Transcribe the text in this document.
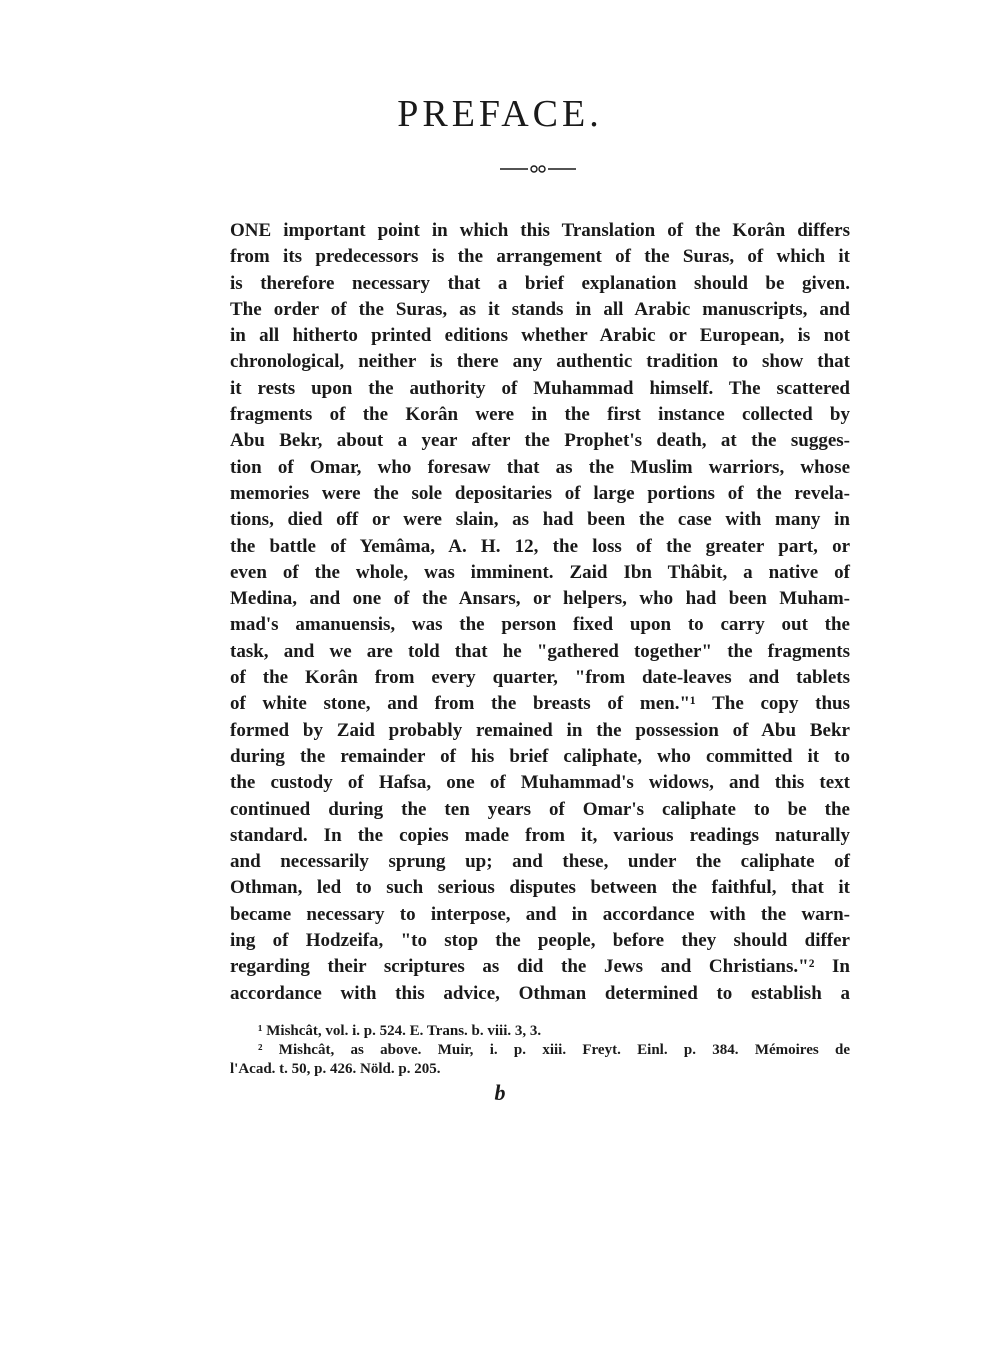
PREFACE.
ONE important point in which this Translation of the Korân differs
from its predecessors is the arrangement of the Suras, of which it
is therefore necessary that a brief explanation should be given.
The order of the Suras, as it stands in all Arabic manuscripts, and
in all hitherto printed editions whether Arabic or European, is not
chronological, neither is there any authentic tradition to show that
it rests upon the authority of Muhammad himself. The scattered
fragments of the Korân were in the first instance collected by
Abu Bekr, about a year after the Prophet's death, at the sugges-
tion of Omar, who foresaw that as the Muslim warriors, whose
memories were the sole depositaries of large portions of the revela-
tions, died off or were slain, as had been the case with many in
the battle of Yemâma, A. H. 12, the loss of the greater part, or
even of the whole, was imminent. Zaid Ibn Thâbit, a native of
Medina, and one of the Ansars, or helpers, who had been Muham-
mad's amanuensis, was the person fixed upon to carry out the
task, and we are told that he "gathered together" the fragments
of the Korân from every quarter, "from date-leaves and tablets
of white stone, and from the breasts of men."¹ The copy thus
formed by Zaid probably remained in the possession of Abu Bekr
during the remainder of his brief caliphate, who committed it to
the custody of Hafsa, one of Muhammad's widows, and this text
continued during the ten years of Omar's caliphate to be the
standard. In the copies made from it, various readings naturally
and necessarily sprung up; and these, under the caliphate of
Othman, led to such serious disputes between the faithful, that it
became necessary to interpose, and in accordance with the warn-
ing of Hodzeifa, "to stop the people, before they should differ
regarding their scriptures as did the Jews and Christians."² In
accordance with this advice, Othman determined to establish a
¹ Mishcât, vol. i. p. 524. E. Trans. b. viii. 3, 3.
² Mishcât, as above. Muir, i. p. xiii. Freyt. Einl. p. 384. Mémoires de
l'Acad. t. 50, p. 426. Nöld. p. 205.
b
